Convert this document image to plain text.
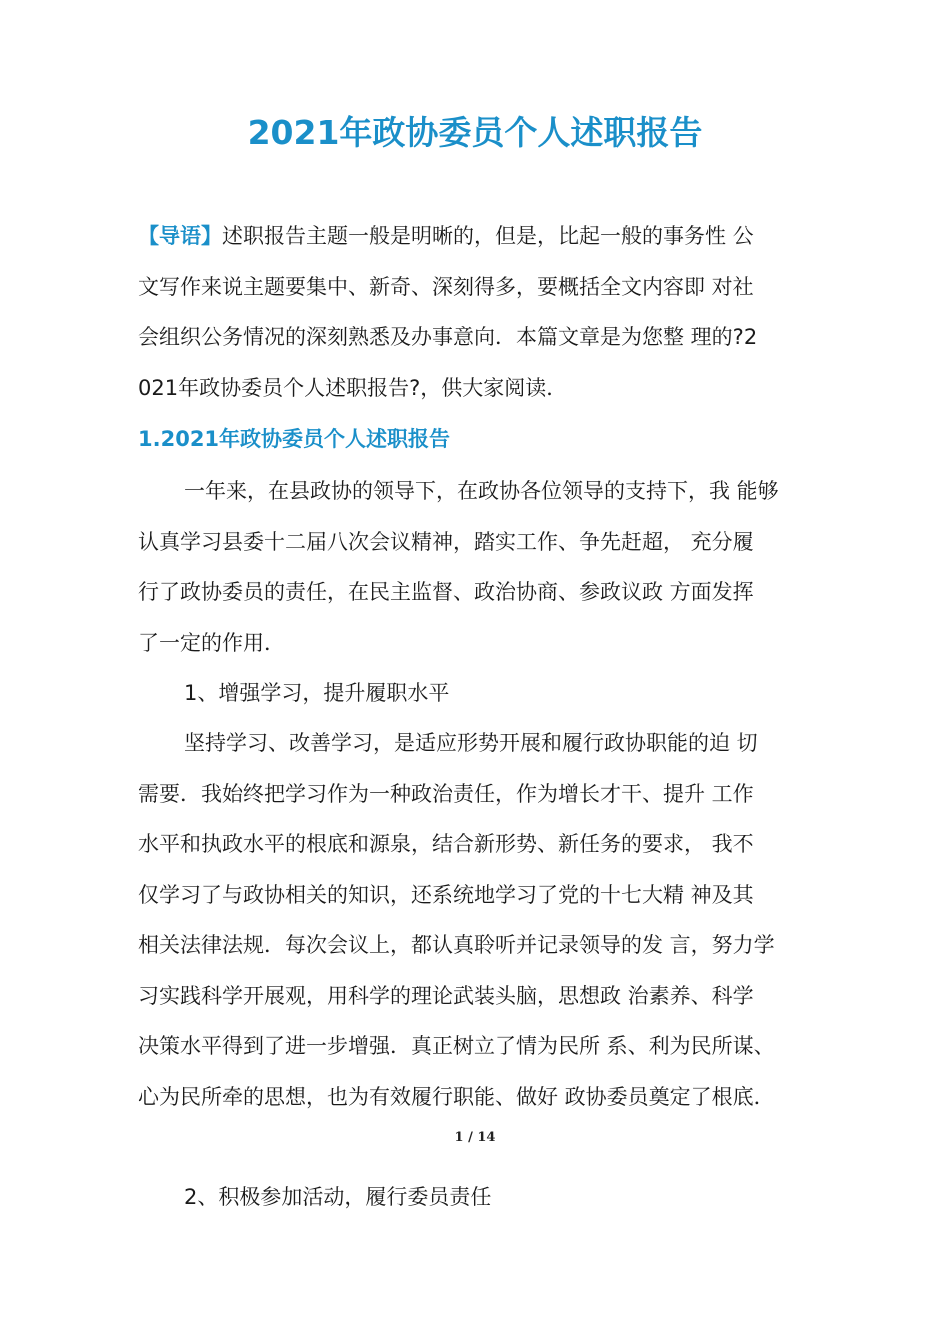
2021年政协委员个人述职报告
【导语】述职报告主题一般是明晰的，但是，比起一般的事务性 公
文写作来说主题要集中、新奇、深刻得多，要概括全文内容即 对社
会组织公务情况的深刻熟悉及办事意向．本篇文章是为您整 理的?2
021年政协委员个人述职报告?，供大家阅读．
1.2021年政协委员个人述职报告
一年来，在县政协的领导下，在政协各位领导的支持下，我 能够
认真学习县委十二届八次会议精神，踏实工作、争先赶超， 充分履
行了政协委员的责任，在民主监督、政治协商、参政议政 方面发挥
了一定的作用．
1、增强学习，提升履职水平
坚持学习、改善学习，是适应形势开展和履行政协职能的迫 切
需要．我始终把学习作为一种政治责任，作为增长才干、提升 工作
水平和执政水平的根底和源泉，结合新形势、新任务的要求， 我不
仅学习了与政协相关的知识，还系统地学习了党的十七大精 神及其
相关法律法规．每次会议上，都认真聆听并记录领导的发 言，努力学
习实践科学开展观，用科学的理论武装头脑，思想政 治素养、科学
决策水平得到了进一步增强．真正树立了情为民所 系、利为民所谋、
心为民所牵的思想，也为有效履行职能、做好 政协委员奠定了根底．
1 / 14
2、积极参加活动，履行委员责任
